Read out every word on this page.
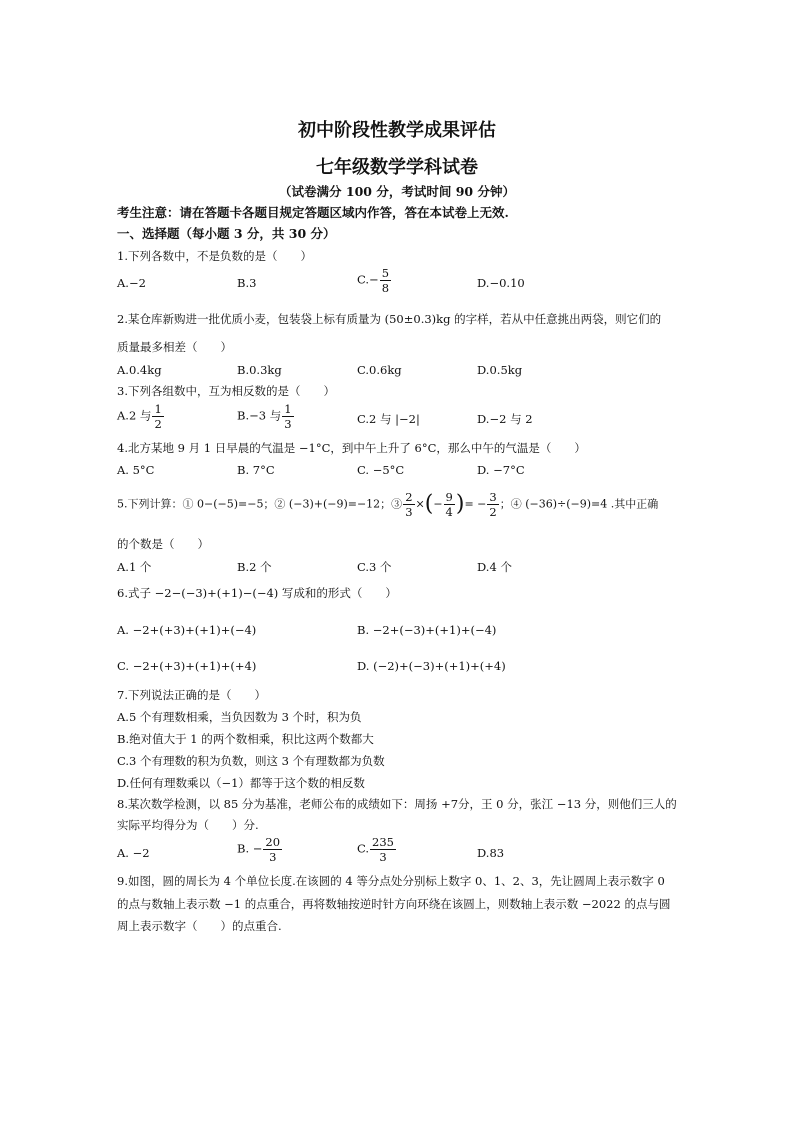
初中阶段性教学成果评估
七年级数学学科试卷
（试卷满分 100 分，考试时间 90 分钟）
考生注意：请在答题卡各题目规定答题区域内作答，答在本试卷上无效.
一、选择题（每小题 3 分，共 30 分）
1.下列各数中，不是负数的是（　　）
A.−2	B.3	$C.- \frac{5}{8}$	D.−0.10
2.某仓库新购进一批优质小麦，包装袋上标有质量为 (50±0.3)kg 的字样，若从中任意挑出两袋，则它们的
质量最多相差（　　）
A.0.4kg	B.0.3kg	C.0.6kg	D.0.5kg
3.下列各组数中，互为相反数的是（　　）
A.2 与 $\frac{1}{2}$	B.−3 与 $\frac{1}{3}$	C.2 与 |−2|	D.−2 与 2
4.北方某地 9 月 1 日早晨的气温是 −1°C，到中午上升了 6°C，那么中午的气温是（　　）
A. 5°C	B. 7°C	C. −5°C	D. −7°C
5.下列计算：① 0−(−5)=−5；② (−3)+(−9)=−12；③ $\frac{2}{3}$ ×(− $\frac{9}{4}$ )= − $\frac{3}{2}$ ；④ (−36)÷(−9)=4 .其中正确
的个数是（　　）
A.1 个	B.2 个	C.3 个	D.4 个
6.式子 −2−(−3)+(+1)−(−4) 写成和的形式（　　）
A. −2+(+3)+(+1)+(−4)	B. −2+(−3)+(+1)+(−4)
C. −2+(+3)+(+1)+(+4)	D. (−2)+(−3)+(+1)+(+4)
7.下列说法正确的是（　　）
A.5 个有理数相乘，当负因数为 3 个时，积为负
B.绝对值大于 1 的两个数相乘，积比这两个数都大
C.3 个有理数的积为负数，则这 3 个有理数都为负数
D.任何有理数乘以（−1）都等于这个数的相反数
8.某次数学检测，以 85 分为基准，老师公布的成绩如下：周扬 +7分，王 0 分，张江 −13 分，则他们三人的
实际平均得分为（　　）分.
A. −2	B. − $\frac{20}{3}$	C. $\frac{235}{3}$	D.83
9.如图，圆的周长为 4 个单位长度.在该圆的 4 等分点处分别标上数字 0、1、2、3，先让圆周上表示数字 0
的点与数轴上表示数 −1 的点重合，再将数轴按逆时针方向环绕在该圆上，则数轴上表示数 −2022 的点与圆
周上表示数字（　　）的点重合.
